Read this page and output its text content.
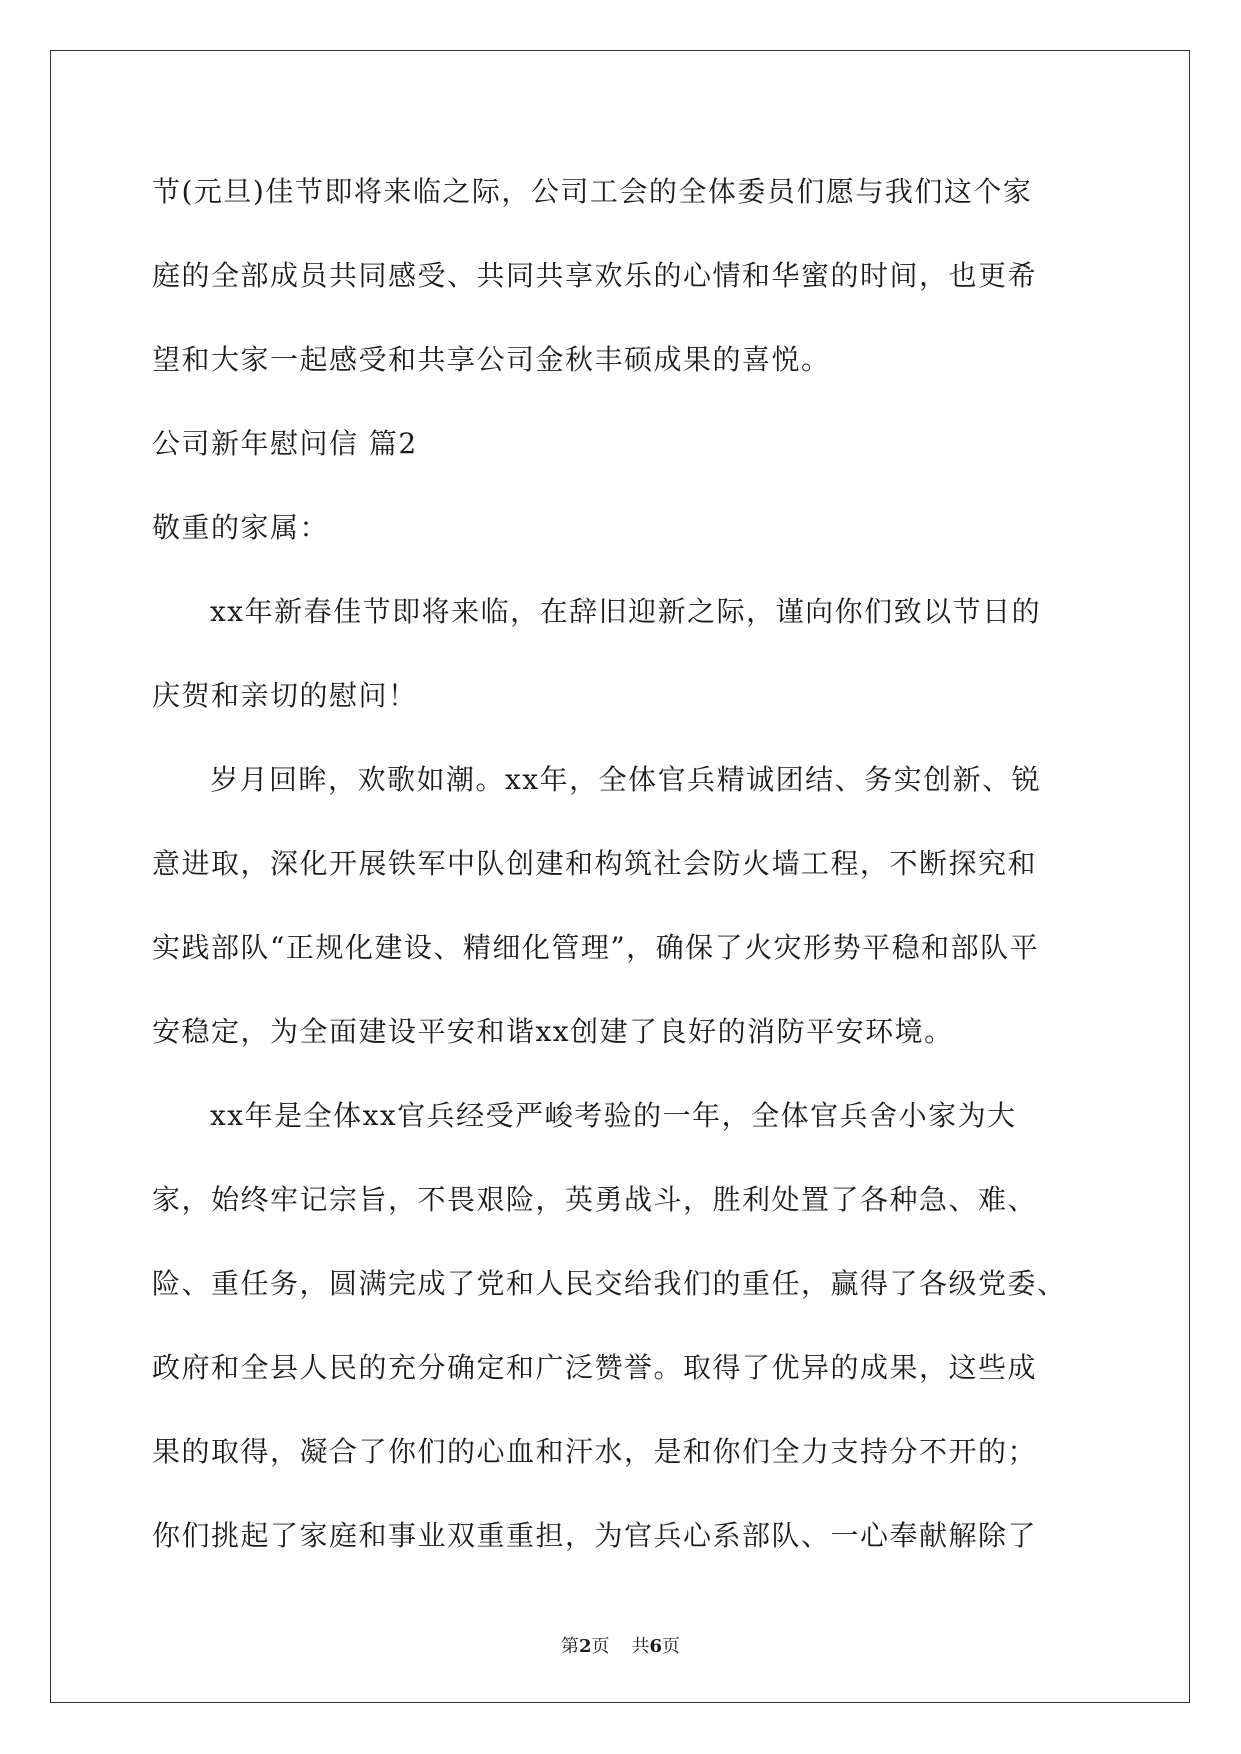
节(元旦)佳节即将来临之际，公司工会的全体委员们愿与我们这个家
庭的全部成员共同感受、共同共享欢乐的心情和华蜜的时间，也更希
望和大家一起感受和共享公司金秋丰硕成果的喜悦。
公司新年慰问信 篇2
敬重的家属：
xx年新春佳节即将来临，在辞旧迎新之际，谨向你们致以节日的
庆贺和亲切的慰问！
岁月回眸，欢歌如潮。xx年，全体官兵精诚团结、务实创新、锐
意进取，深化开展铁军中队创建和构筑社会防火墙工程，不断探究和
实践部队“正规化建设、精细化管理”，确保了火灾形势平稳和部队平
安稳定，为全面建设平安和谐xx创建了良好的消防平安环境。
xx年是全体xx官兵经受严峻考验的一年，全体官兵舍小家为大
家，始终牢记宗旨，不畏艰险，英勇战斗，胜利处置了各种急、难、
险、重任务，圆满完成了党和人民交给我们的重任，赢得了各级党委、
政府和全县人民的充分确定和广泛赞誉。取得了优异的成果，这些成
果的取得，凝合了你们的心血和汗水，是和你们全力支持分不开的；
你们挑起了家庭和事业双重重担，为官兵心系部队、一心奉献解除了
第2页 共6页
